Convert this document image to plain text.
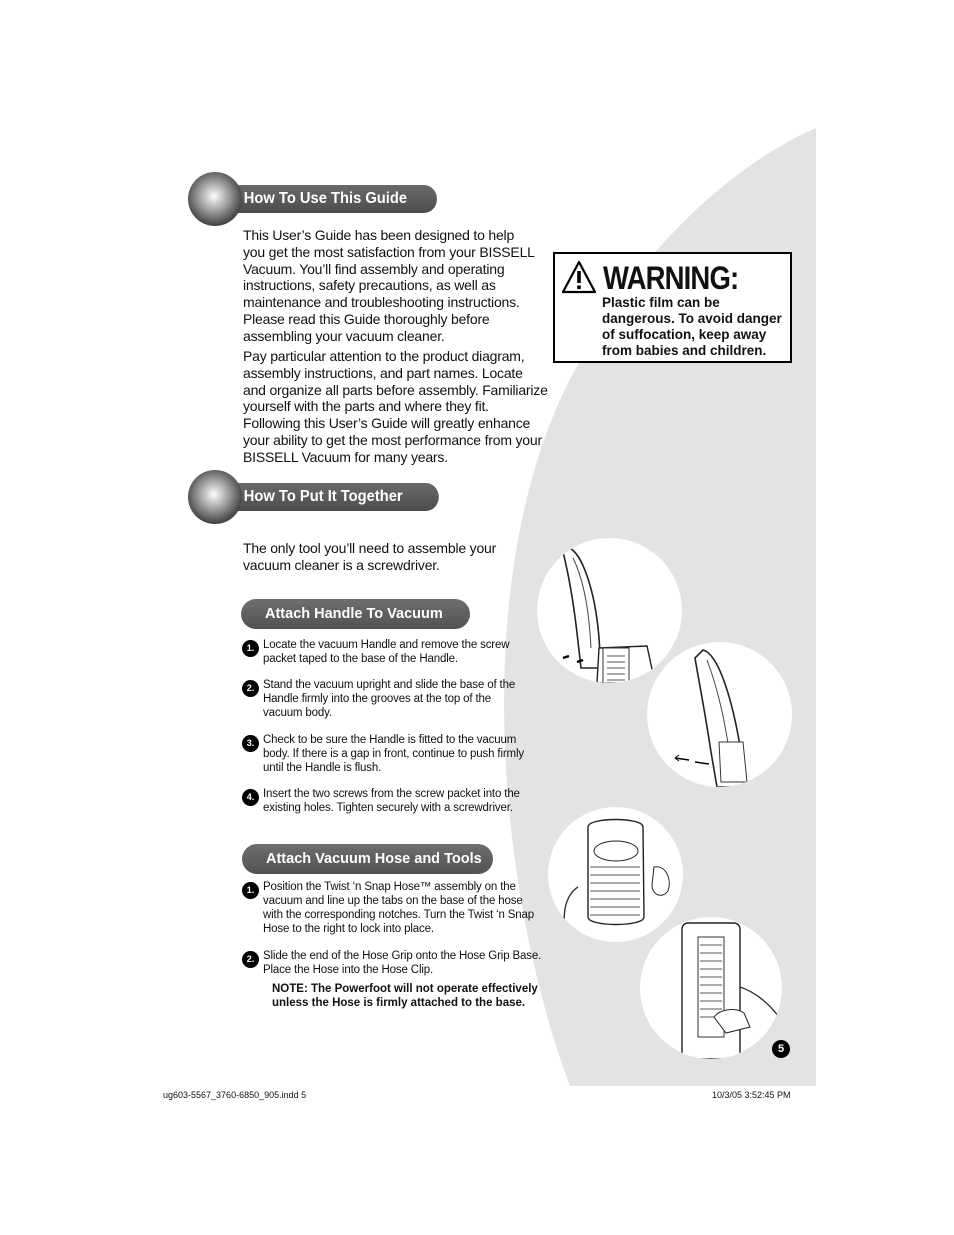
How To Use This Guide

This User’s Guide has been designed to help you get the most satisfaction from your BISSELL Vacuum. You’ll find assembly and operating instructions, safety precautions, as well as maintenance and troubleshooting instructions. Please read this Guide thoroughly before assembling your vacuum cleaner.

Pay particular attention to the product diagram, assembly instructions, and part names. Locate and organize all parts before assembly. Familiarize yourself with the parts and where they fit. Following this User’s Guide will greatly enhance your ability to get the most performance from your BISSELL Vacuum for many years.

WARNING:
Plastic film can be dangerous. To avoid danger of suffocation, keep away from babies and children.
How To Put It Together

The only tool you’ll need to assemble your vacuum cleaner is a screwdriver.

Attach Handle To Vacuum
1. Locate the vacuum Handle and remove the screw packet taped to the base of the Handle.
2. Stand the vacuum upright and slide the base of the Handle firmly into the grooves at the top of the vacuum body.
3. Check to be sure the Handle is fitted to the vacuum body. If there is a gap in front, continue to push firmly until the Handle is flush.
4. Insert the two screws from the screw packet into the existing holes. Tighten securely with a screwdriver.
Attach Vacuum Hose and Tools
1. Position the Twist ‘n Snap Hose™ assembly on the vacuum and line up the tabs on the base of the hose with the corresponding notches. Turn the Twist ‘n Snap Hose to the right to lock into place.
2. Slide the end of the Hose Grip onto the Hose Grip Base. Place the Hose into the Hose Clip.
NOTE: The Powerfoot will not operate effectively unless the Hose is firmly attached to the base.
5
ug603-5567_3760-6850_905.indd 5	10/3/05 3:52:45 PM
